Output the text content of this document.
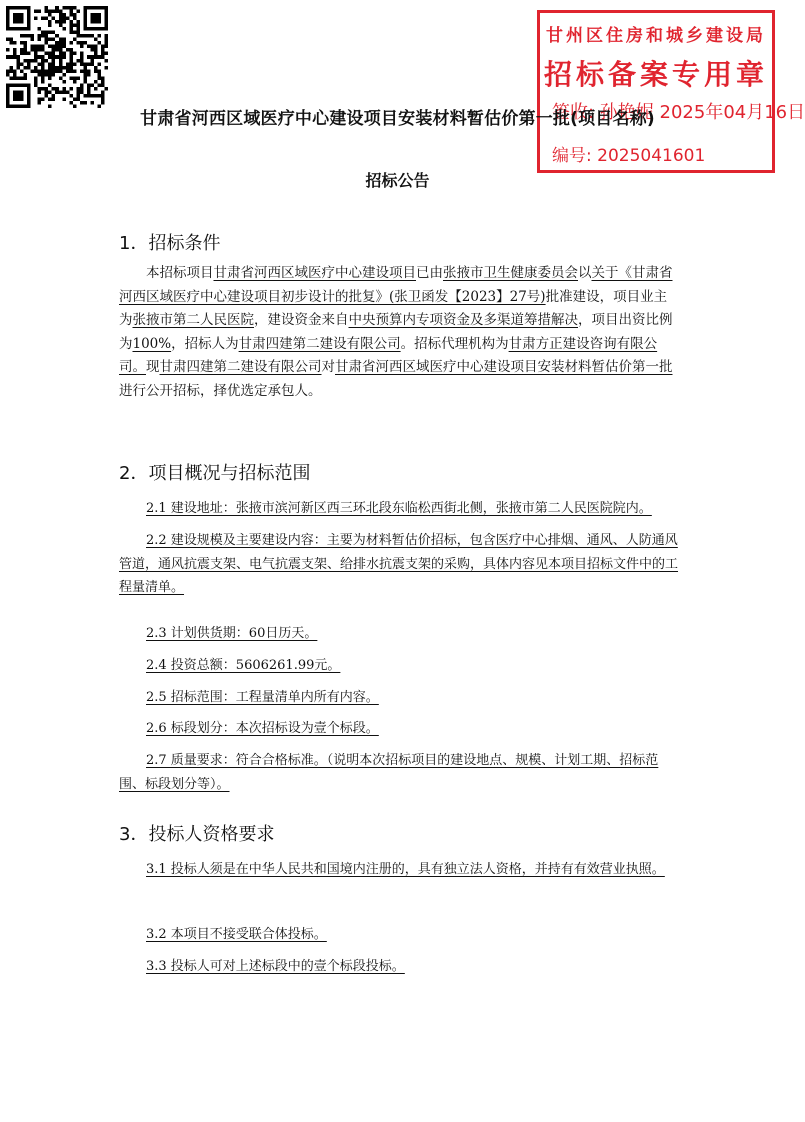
甘州区住房和城乡建设局
招标备案专用章
签收: 孙艳妮 2025年04月16日
编号: 2025041601
甘肃省河西区域医疗中心建设项目安装材料暂估价第一批(项目名称)
招标公告
1．招标条件

本招标项目甘肃省河西区域医疗中心建设项目已由张掖市卫生健康委员会以关于《甘肃省河西区域医疗中心建设项目初步设计的批复》(张卫函发【2023】27号)批准建设，项目业主为张掖市第二人民医院，建设资金来自中央预算内专项资金及多渠道筹措解决，项目出资比例为100%，招标人为甘肃四建第二建设有限公司。招标代理机构为甘肃方正建设咨询有限公司。现甘肃四建第二建设有限公司对甘肃省河西区域医疗中心建设项目安装材料暂估价第一批进行公开招标，择优选定承包人。

2．项目概况与招标范围

2.1 建设地址：张掖市滨河新区西三环北段东临松西街北侧，张掖市第二人民医院院内。

2.2 建设规模及主要建设内容：主要为材料暂估价招标，包含医疗中心排烟、通风、人防通风管道，通风抗震支架、电气抗震支架、给排水抗震支架的采购，具体内容见本项目招标文件中的工程量清单。

2.3 计划供货期：60日历天。

2.4 投资总额：5606261.99元。

2.5 招标范围：工程量清单内所有内容。

2.6 标段划分：本次招标设为壹个标段。

2.7 质量要求：符合合格标准。（说明本次招标项目的建设地点、规模、计划工期、招标范围、标段划分等）。

3．投标人资格要求

3.1 投标人须是在中华人民共和国境内注册的，具有独立法人资格，并持有有效营业执照。

3.2 本项目不接受联合体投标。

3.3 投标人可对上述标段中的壹个标段投标。
